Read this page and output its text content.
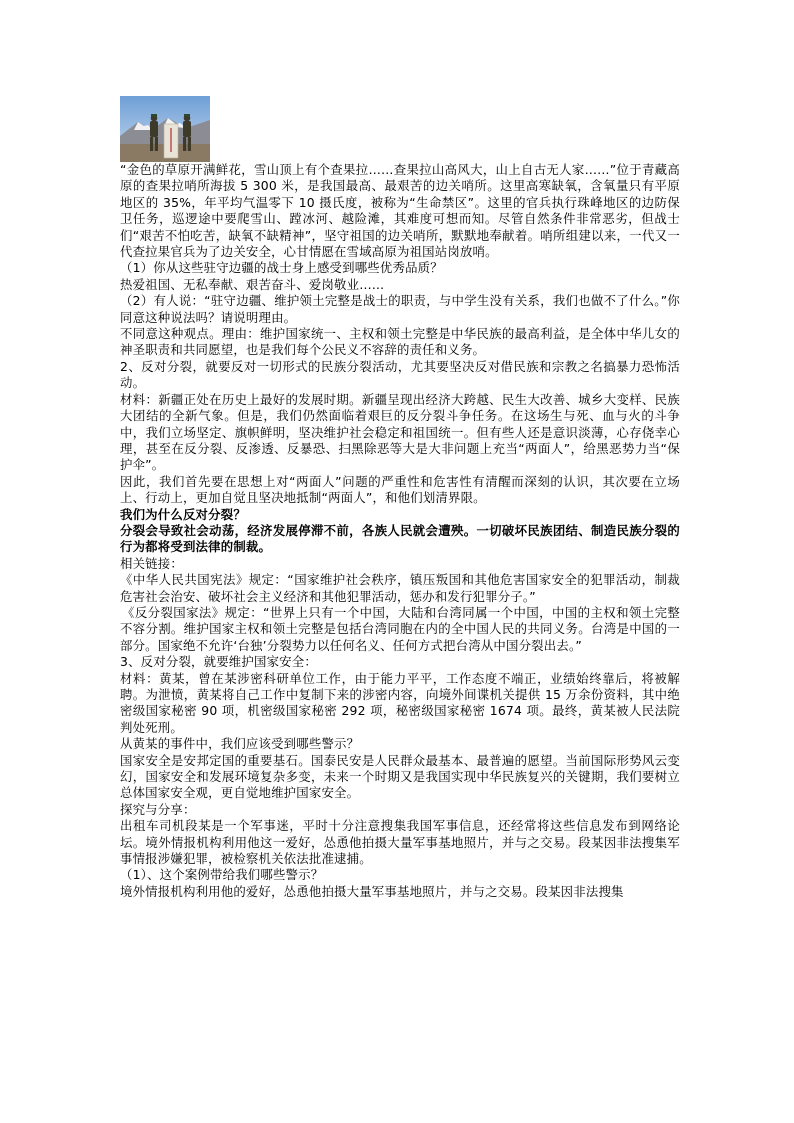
“金色的草原开满鲜花，雪山顶上有个查果拉……查果拉山高风大，山上自古无人家……”位于青藏高原的查果拉哨所海拔 5 300 米，是我国最高、最艰苦的边关哨所。这里高寒缺氧，含氧量只有平原地区的 35%，年平均气温零下 10 摄氏度，被称为“生命禁区”。这里的官兵执行珠峰地区的边防保卫任务，巡逻途中要爬雪山、蹚冰河、越险滩，其难度可想而知。尽管自然条件非常恶劣，但战士们“艰苦不怕吃苦，缺氧不缺精神”，坚守祖国的边关哨所，默默地奉献着。哨所组建以来，一代又一代查拉果官兵为了边关安全，心甘情愿在雪域高原为祖国站岗放哨。

（1）你从这些驻守边疆的战士身上感受到哪些优秀品质？

热爱祖国、无私奉献、艰苦奋斗、爱岗敬业……

（2）有人说：“驻守边疆、维护领土完整是战士的职责，与中学生没有关系，我们也做不了什么。”你同意这种说法吗？请说明理由。

不同意这种观点。理由：维护国家统一、主权和领土完整是中华民族的最高利益，是全体中华儿女的神圣职责和共同愿望，也是我们每个公民义不容辞的责任和义务。

2、反对分裂，就要反对一切形式的民族分裂活动，尤其要坚决反对借民族和宗教之名搞暴力恐怖活动。

材料：新疆正处在历史上最好的发展时期。新疆呈现出经济大跨越、民生大改善、城乡大变样、民族大团结的全新气象。但是，我们仍然面临着艰巨的反分裂斗争任务。在这场生与死、血与火的斗争中，我们立场坚定、旗帜鲜明，坚决维护社会稳定和祖国统一。但有些人还是意识淡薄，心存侥幸心理，甚至在反分裂、反渗透、反暴恐、扫黑除恶等大是大非问题上充当“两面人”，给黑恶势力当“保护伞”。

因此，我们首先要在思想上对“两面人”问题的严重性和危害性有清醒而深刻的认识，其次要在立场上、行动上，更加自觉且坚决地抵制“两面人”，和他们划清界限。

我们为什么反对分裂？

分裂会导致社会动荡，经济发展停滞不前，各族人民就会遭殃。一切破坏民族团结、制造民族分裂的行为都将受到法律的制裁。

相关链接：

《中华人民共国宪法》规定：“国家维护社会秩序，镇压叛国和其他危害国家安全的犯罪活动，制裁危害社会治安、破坏社会主义经济和其他犯罪活动，惩办和发行犯罪分子。”

《反分裂国家法》规定：“世界上只有一个中国，大陆和台湾同属一个中国，中国的主权和领土完整不容分割。维护国家主权和领土完整是包括台湾同胞在内的全中国人民的共同义务。台湾是中国的一部分。国家绝不允许‘台独’分裂势力以任何名义、任何方式把台湾从中国分裂出去。”

3、反对分裂，就要维护国家安全：

材料：黄某，曾在某涉密科研单位工作，由于能力平平，工作态度不端正，业绩始终靠后，将被解聘。为泄愤，黄某将自己工作中复制下来的涉密内容，向境外间谍机关提供 15 万余份资料，其中绝密级国家秘密 90 项，机密级国家秘密 292 项，秘密级国家秘密 1674 项。最终，黄某被人民法院判处死刑。

从黄某的事件中，我们应该受到哪些警示？

国家安全是安邦定国的重要基石。国泰民安是人民群众最基本、最普遍的愿望。当前国际形势风云变幻，国家安全和发展环境复杂多变，未来一个时期又是我国实现中华民族复兴的关键期，我们要树立总体国家安全观，更自觉地维护国家安全。

探究与分享：

出租车司机段某是一个军事迷，平时十分注意搜集我国军事信息，还经常将这些信息发布到网络论坛。境外情报机构利用他这一爱好，怂恿他拍摄大量军事基地照片，并与之交易。段某因非法搜集军事情报涉嫌犯罪，被检察机关依法批准逮捕。

（1）、这个案例带给我们哪些警示？

境外情报机构利用他的爱好，怂恿他拍摄大量军事基地照片，并与之交易。段某因非法搜集
